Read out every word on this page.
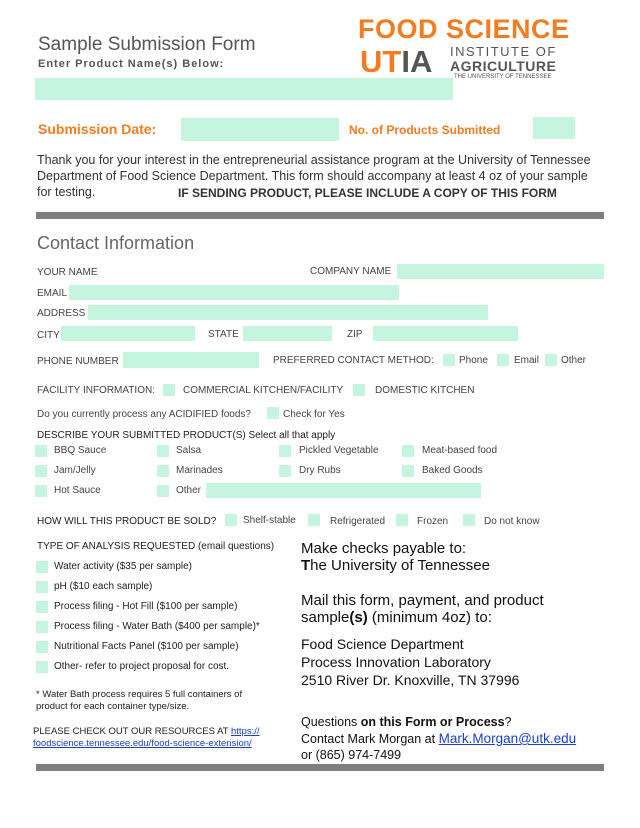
Sample Submission Form
Enter Product Name(s) Below:
FOOD SCIENCE
UTIA INSTITUTE OF
AGRICULTURE
THE UNIVERSITY OF TENNESSEE
Submission Date:	No. of Products Submitted
Thank you for your interest in the entrepreneurial assistance program at the University of Tennessee Department of Food Science Department. This form should accompany at least 4 oz of your sample for testing.	IF SENDING PRODUCT, PLEASE INCLUDE A COPY OF THIS FORM
Contact Information
YOUR NAME	COMPANY NAME
EMAIL
ADDRESS
CITY	STATE	ZIP
PHONE NUMBER	PREFERRED CONTACT METHOD:	Phone	Email Other
FACILITY INFORMATION:	COMMERCIAL KITCHEN/FACILITY	DOMESTIC KITCHEN
Do you currently process any ACIDIFIED foods?	Check for Yes
DESCRIBE YOUR SUBMITTED PRODUCT(S) Select all that apply
BBQ Sauce	Salsa	Pickled Vegetable	Meat-based food
Jam/Jelly	Marinades	Dry Rubs	Baked Goods
Hot Sauce	Other
HOW WILL THIS PRODUCT BE SOLD?	Shelf-stable	Refrigerated	Frozen	Do not know
TYPE OF ANALYSIS REQUESTED (email questions)
Water activity ($35 per sample)
pH ($10 each sample)
Process filing - Hot Fill ($100 per sample)
Process filing - Water Bath ($400 per sample)*
Nutritional Facts Panel ($100 per sample)
Other- refer to project proposal for cost.
* Water Bath process requires 5 full containers of product for each container type/size.
PLEASE CHECK OUT OUR RESOURCES AT https:// foodscience.tennessee.edu/food-science-extension/
Make checks payable to:
The University of Tennessee
Mail this form, payment, and product
sample(s) (minimum 4oz) to:
Food Science Department
Process Innovation Laboratory
2510 River Dr. Knoxville, TN 37996
Questions on this Form or Process?
Contact Mark Morgan at Mark.Morgan@utk.edu
or (865) 974-7499
